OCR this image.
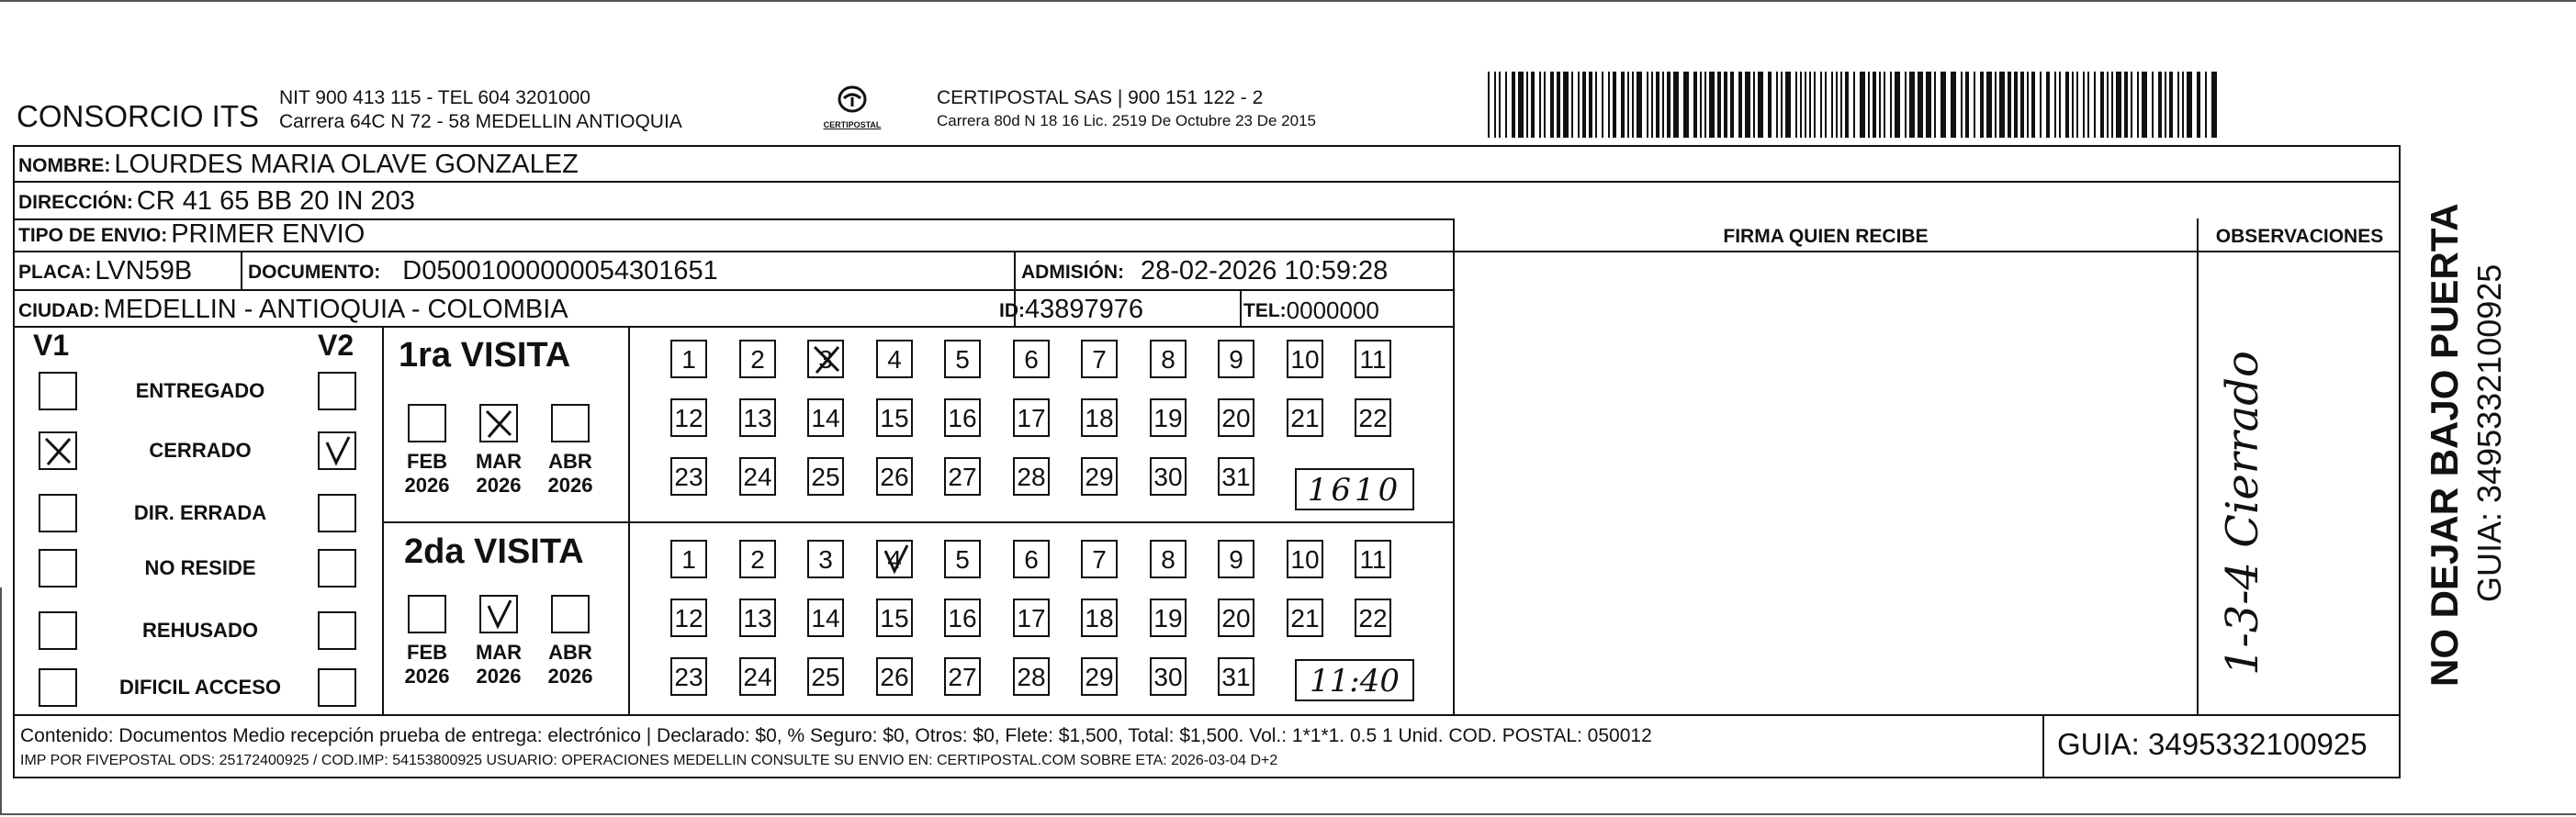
CONSORCIO ITS
NIT 900 413 115 - TEL 604 3201000
Carrera 64C N 72 - 58 MEDELLIN ANTIOQUIA	CERTIPOSTAL
CERTIPOSTAL SAS | 900 151 122 - 2
Carrera 80d N 18 16 Lic. 2519 De Octubre 23 De 2015
NOMBRE: LOURDES MARIA OLAVE GONZALEZ
DIRECCIÓN: CR 41 65 BB 20 IN 203
TIPO DE ENVIO: PRIMER ENVIO	FIRMA QUIEN RECIBE	OBSERVACIONES
PLACA: LVN59B	DOCUMENTO: D05001000000054301651	ADMISIÓN: 28-02-2026 10:59:28
CIUDAD: MEDELLIN - ANTIOQUIA - COLOMBIA	ID: 43897976	TEL: 0000000
V1	V2
ENTREGADO
CERRADO
DIR. ERRADA
NO RESIDE
REHUSADO
DIFICIL ACCESO
1ra VISITA
FEB
2026
MAR
2026
ABR
2026
1	2	3	4	5	6	7	8	9	10 11
12 13 14 15 16 17 18 19 20 21 22
23 24 25 26 27 28 29 30 31	1610
2da VISITA
FEB
2026
MAR
2026
ABR
2026
1	2	3	4	5	6	7	8	9	10 11
12 13 14 15 16 17 18 19 20 21 22
23 24 25 26 27 28 29 30 31	11:40
1-3-4 Cierrado
Contenido: Documentos Medio recepción prueba de entrega: electrónico | Declarado: $0, % Seguro: $0, Otros: $0, Flete: $1,500, Total: $1,500. Vol.: 1*1*1. 0.5 1 Unid. COD. POSTAL: 050012
IMP POR FIVEPOSTAL ODS: 25172400925 / COD.IMP: 54153800925 USUARIO: OPERACIONES MEDELLIN CONSULTE SU ENVIO EN: CERTIPOSTAL.COM SOBRE ETA: 2026-03-04 D+2	GUIA: 3495332100925
NO DEJAR BAJO PUERTA GUIA: 3495332100925
